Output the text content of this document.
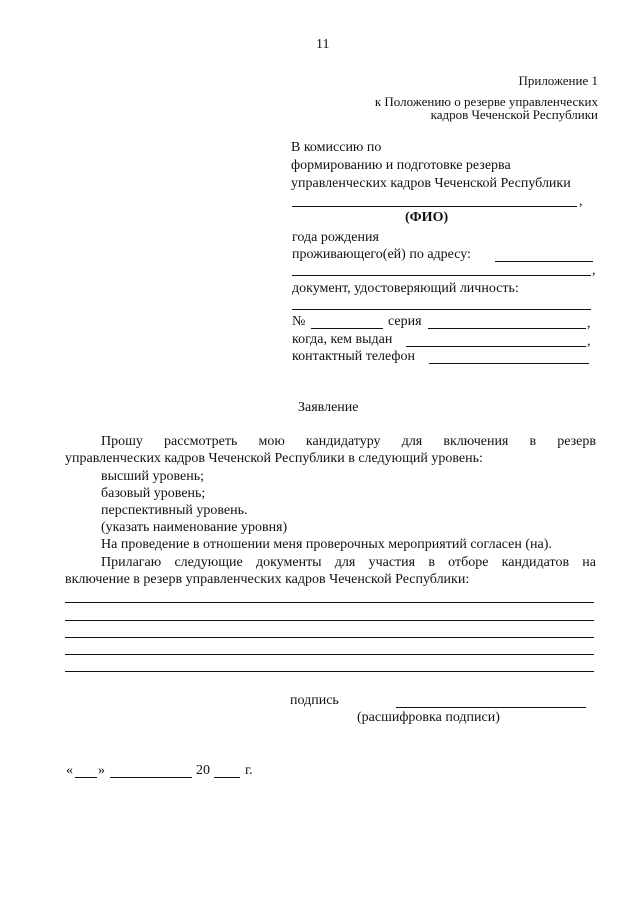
11
Приложение 1
к Положению о резерве управленческих
кадров Чеченской Республики
В комиссию по
формированию и подготовке резерва
управленческих кадров Чеченской Республики
,
(ФИО)
года рождения
проживающего(ей) по адресу:
,
документ, удостоверяющий личность:
№	серия	,
когда, кем выдан	,
контактный телефон
Заявление
Прошу рассмотреть мою кандидатуру для включения в резерв
управленческих кадров Чеченской Республики в следующий уровень:
высший уровень;
базовый уровень;
перспективный уровень.
(указать наименование уровня)
На проведение в отношении меня проверочных мероприятий согласен (на).
Прилагаю следующие документы для участия в отборе кандидатов на
включение в резерв управленческих кадров Чеченской Республики:
подпись
(расшифровка подписи)
« »	20	г.
